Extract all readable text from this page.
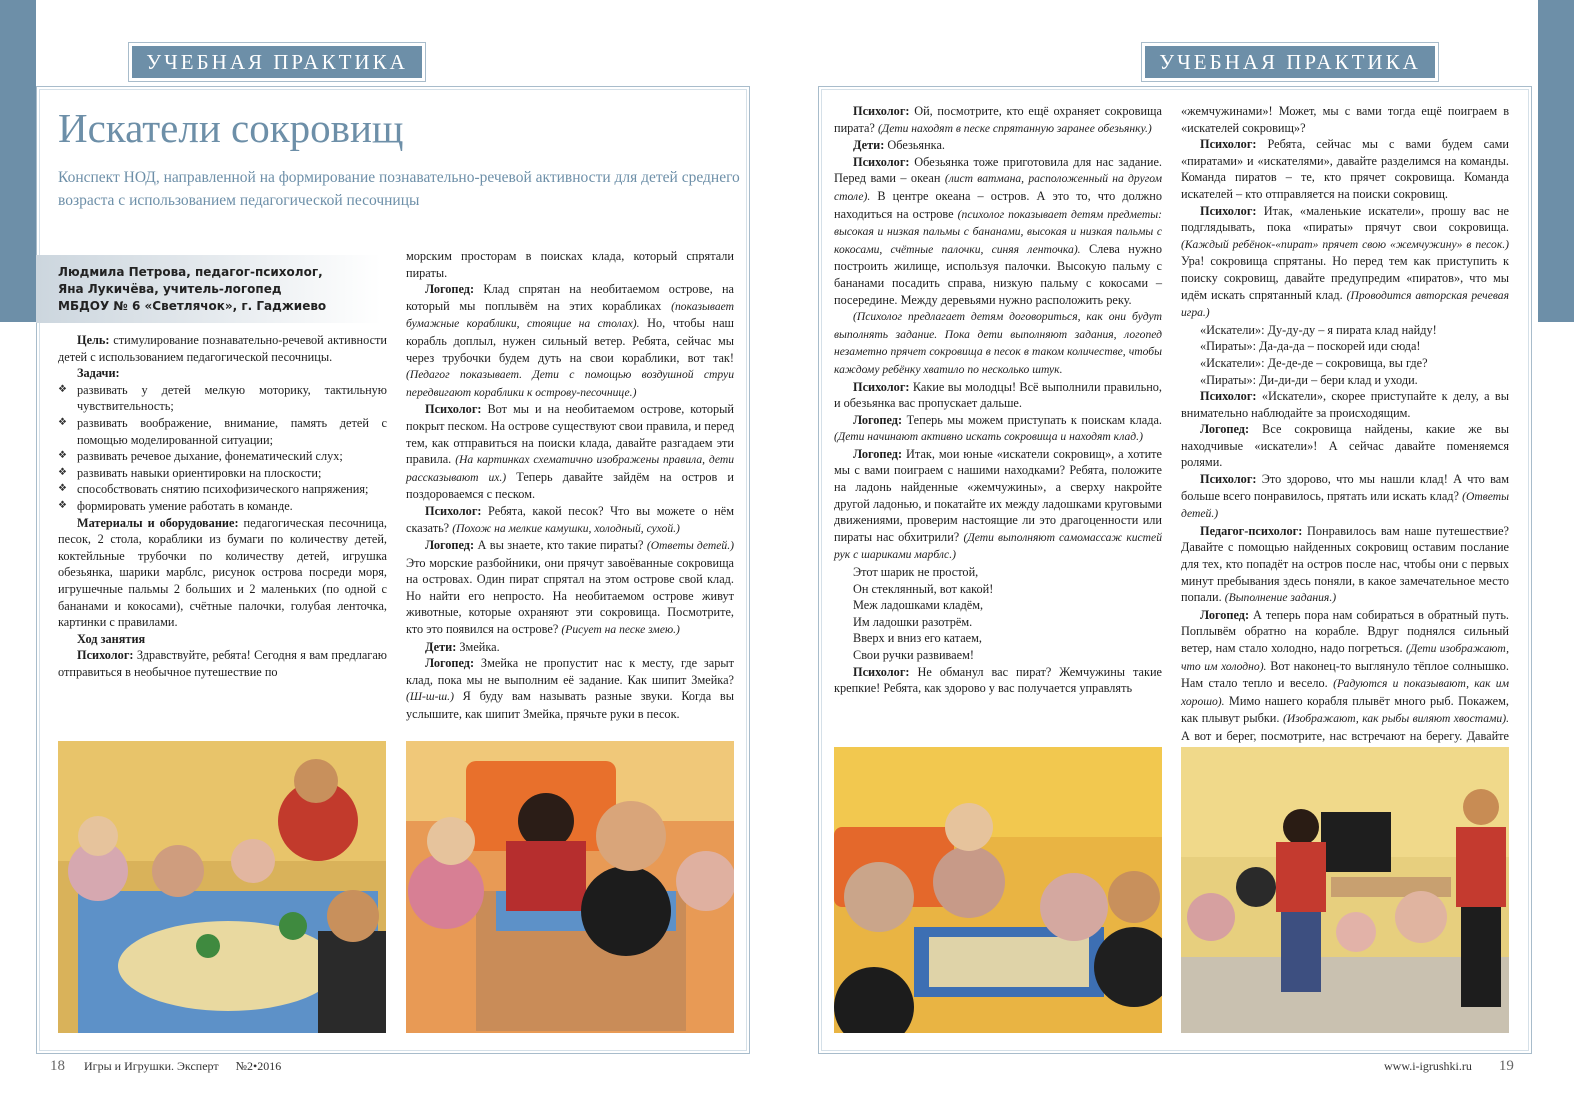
УЧЕБНАЯ ПРАКТИКА	УЧЕБНАЯ ПРАКТИКА
Искатели сокровищ
Конспект НОД, направленной на формирование познавательно-речевой активности для детей среднего возраста с использованием педагогической песочницы
Людмила Петрова, педагог-психолог,
Яна Лукичёва, учитель-логопед
МБДОУ № 6 «Светлячок», г. Гаджиево

Цель: стимулирование познавательно-речевой активности детей с использованием педагогической песочницы.

Задачи:

❖ развивать у детей мелкую моторику, тактильную чувствительность;
❖ развивать воображение, внимание, память детей с помощью моделированной ситуации;
❖ развивать речевое дыхание, фонематический слух;
❖ развивать навыки ориентировки на плоскости;
❖ способствовать снятию психофизического напряжения;
❖ формировать умение работать в команде.

Материалы и оборудование: педагогическая песочница, песок, 2 стола, кораблики из бумаги по количеству детей, коктейльные трубочки по количеству детей, игрушка обезьянка, шарики марблс, рисунок острова посреди моря, игрушечные пальмы 2 больших и 2 маленьких (по одной с бананами и кокосами), счётные палочки, голубая ленточка, картинки с правилами.

Ход занятия

Психолог: Здравствуйте, ребята! Сегодня я вам предлагаю отправиться в необычное путешествие по

морским просторам в поисках клада, который спрятали пираты.

Логопед: Клад спрятан на необитаемом острове, на который мы поплывём на этих корабликах (показывает бумажные кораблики, стоящие на столах). Но, чтобы наш корабль доплыл, нужен сильный ветер. Ребята, сейчас мы через трубочки будем дуть на свои кораблики, вот так! (Педагог показывает. Дети с помощью воздушной струи передвигают кораблики к острову-песочнице.)

Психолог: Вот мы и на необитаемом острове, который покрыт песком. На острове существуют свои правила, и перед тем, как отправиться на поиски клада, давайте разгадаем эти правила. (На картинках схематично изображены правила, дети рассказывают их.) Теперь давайте зайдём на остров и поздороваемся с песком.

Психолог: Ребята, какой песок? Что вы можете о нём сказать? (Похож на мелкие камушки, холодный, сухой.)

Логопед: А вы знаете, кто такие пираты? (Ответы детей.) Это морские разбойники, они прячут завоёванные сокровища на островах. Один пират спрятал на этом острове свой клад. Но найти его непросто. На необитаемом острове живут животные, которые охраняют эти сокровища. Посмотрите, кто это появился на острове? (Рисует на песке змею.)

Дети: Змейка.

Логопед: Змейка не пропустит нас к месту, где зарыт клад, пока мы не выполним её задание. Как шипит Змейка? (Ш-ш-ш.) Я буду вам называть разные звуки. Когда вы услышите, как шипит Змейка, прячьте руки в песок.

Психолог: Ой, посмотрите, кто ещё охраняет сокровища пирата? (Дети находят в песке спрятанную заранее обезьянку.)

Дети: Обезьянка.

Психолог: Обезьянка тоже приготовила для нас задание. Перед вами – океан (лист ватмана, расположенный на другом столе). В центре океана – остров. А это то, что должно находиться на острове (психолог показывает детям предметы: высокая и низкая пальмы с бананами, высокая и низкая пальмы с кокосами, счётные палочки, синяя ленточка). Слева нужно построить жилище, используя палочки. Высокую пальму с бананами посадить справа, низкую пальму с кокосами – посередине. Между деревьями нужно расположить реку.

(Психолог предлагает детям договориться, как они будут выполнять задание. Пока дети выполняют задания, логопед незаметно прячет сокровища в песок в таком количестве, чтобы каждому ребёнку хватило по несколько штук.

Психолог: Какие вы молодцы! Всё выполнили правильно, и обезьянка вас пропускает дальше.

Логопед: Теперь мы можем приступать к поискам клада. (Дети начинают активно искать сокровища и находят клад.)

Логопед: Итак, мои юные «искатели сокровищ», а хотите мы с вами поиграем с нашими находками? Ребята, положите на ладонь найденные «жемчужины», а сверху накройте другой ладонью, и покатайте их между ладошками круговыми движениями, проверим настоящие ли это драгоценности или пираты нас обхитрили? (Дети выполняют самомассаж кистей рук с шариками марблс.)

Этот шарик не простой,

Он стеклянный, вот какой!

Меж ладошками кладём,

Им ладошки разотрём.

Вверх и вниз его катаем,

Свои ручки развиваем!

Психолог: Не обманул вас пират? Жемчужины такие крепкие! Ребята, как здорово у вас получается управлять

«жемчужинами»! Может, мы с вами тогда ещё поиграем в «искателей сокровищ»?

Психолог: Ребята, сейчас мы с вами будем сами «пиратами» и «искателями», давайте разделимся на команды. Команда пиратов – те, кто прячет сокровища. Команда искателей – кто отправляется на поиски сокровищ.

Психолог: Итак, «маленькие искатели», прошу вас не подглядывать, пока «пираты» прячут свои сокровища. (Каждый ребёнок-«пират» прячет свою «жемчужину» в песок.) Ура! сокровища спрятаны. Но перед тем как приступить к поиску сокровищ, давайте предупредим «пиратов», что мы идём искать спрятанный клад. (Проводится авторская речевая игра.)

«Искатели»: Ду-ду-ду – я пирата клад найду!

«Пираты»: Да-да-да – поскорей иди сюда!

«Искатели»: Де-де-де – сокровища, вы где?

«Пираты»: Ди-ди-ди – бери клад и уходи.

Психолог: «Искатели», скорее приступайте к делу, а вы внимательно наблюдайте за происходящим.

Логопед: Все сокровища найдены, какие же вы находчивые «искатели»! А сейчас давайте поменяемся ролями.

Психолог: Это здорово, что мы нашли клад! А что вам больше всего понравилось, прятать или искать клад? (Ответы детей.)

Педагог-психолог: Понравилось вам наше путешествие? Давайте с помощью найденных сокровищ оставим послание для тех, кто попадёт на остров после нас, чтобы они с первых минут пребывания здесь поняли, в какое замечательное место попали. (Выполнение задания.)

Логопед: А теперь пора нам собираться в обратный путь. Поплывём обратно на корабле. Вдруг поднялся сильный ветер, нам стало холодно, надо погреться. (Дети изображают, что им холодно). Вот наконец-то выглянуло тёплое солнышко. Нам стало тепло и весело. (Радуются и показывают, как им хорошо). Мимо нашего корабля плывёт много рыб. Покажем, как плывут рыбки. (Изображают, как рыбы виляют хвостами). А вот и берег, посмотрите, нас встречают на берегу. Давайте

18 Игры и Игрушки. Эксперт №2•2016	www.i-igrushki.ru 19
